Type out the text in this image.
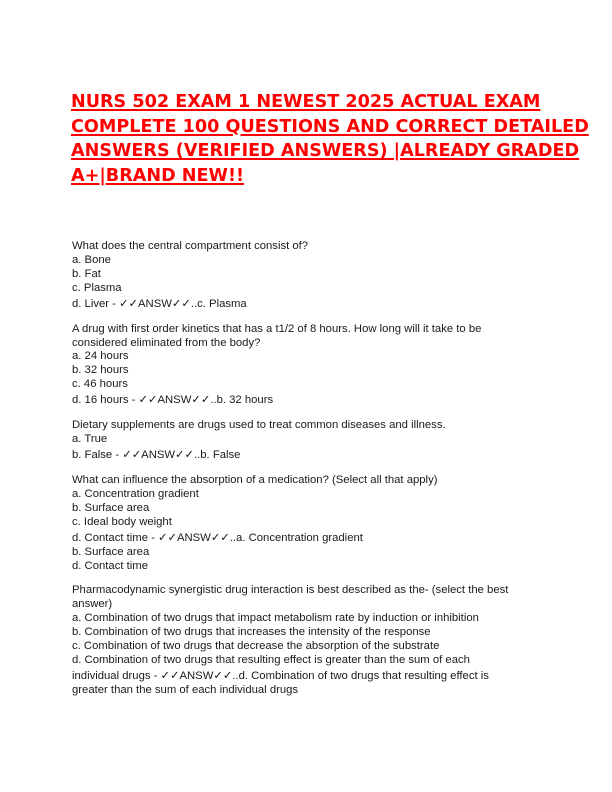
NURS 502 EXAM 1 NEWEST 2025 ACTUAL EXAM
COMPLETE 100 QUESTIONS AND CORRECT DETAILED
ANSWERS (VERIFIED ANSWERS) |ALREADY GRADED
A+|BRAND NEW!!
What does the central compartment consist of?
a. Bone
b. Fat
c. Plasma
d. Liver - ✓✓ANSW✓✓..c. Plasma
A drug with first order kinetics that has a t1/2 of 8 hours. How long will it take to be
considered eliminated from the body?
a. 24 hours
b. 32 hours
c. 46 hours
d. 16 hours - ✓✓ANSW✓✓..b. 32 hours
Dietary supplements are drugs used to treat common diseases and illness.
a. True
b. False - ✓✓ANSW✓✓..b. False
What can influence the absorption of a medication? (Select all that apply)
a. Concentration gradient
b. Surface area
c. Ideal body weight
d. Contact time - ✓✓ANSW✓✓..a. Concentration gradient
b. Surface area
d. Contact time
Pharmacodynamic synergistic drug interaction is best described as the- (select the best
answer)
a. Combination of two drugs that impact metabolism rate by induction or inhibition
b. Combination of two drugs that increases the intensity of the response
c. Combination of two drugs that decrease the absorption of the substrate
d. Combination of two drugs that resulting effect is greater than the sum of each
individual drugs - ✓✓ANSW✓✓..d. Combination of two drugs that resulting effect is
greater than the sum of each individual drugs
